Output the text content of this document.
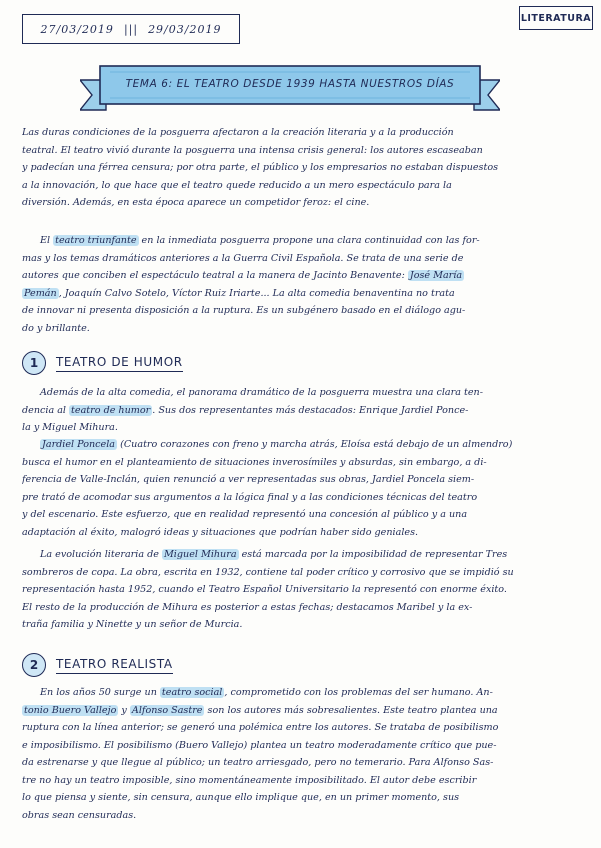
27/03/2019 ||| 29/03/2019
LITERATURA
TEMA 6: EL TEATRO DESDE 1939 HASTA NUESTROS DÍAS
Las duras condiciones de la posguerra afectaron a la creación literaria y a la producción
teatral. El teatro vivió durante la posguerra una intensa crisis general: los autores escaseaban
y padecían una férrea censura; por otra parte, el público y los empresarios no estaban dispuestos
a la innovación, lo que hace que el teatro quede reducido a un mero espectáculo para la
diversión. Además, en esta época aparece un competidor feroz: el cine.
El teatro triunfante en la inmediata posguerra propone una clara continuidad con las for-
mas y los temas dramáticos anteriores a la Guerra Civil Española. Se trata de una serie de
autores que conciben el espectáculo teatral a la manera de Jacinto Benavente: José María
Pemán , Joaquín Calvo Sotelo, Víctor Ruiz Iriarte... La alta comedia benaventina no trata
de innovar ni presenta disposición a la ruptura. Es un subgénero basado en el diálogo agu-
do y brillante.
1	TEATRO DE HUMOR
Además de la alta comedia, el panorama dramático de la posguerra muestra una clara ten-
dencia al teatro de humor . Sus dos representantes más destacados: Enrique Jardiel Ponce-
la y Miguel Mihura.
Jardiel Poncela (Cuatro corazones con freno y marcha atrás, Eloísa está debajo de un almendro)
busca el humor en el planteamiento de situaciones inverosímiles y absurdas, sin embargo, a di-
ferencia de Valle-Inclán, quien renunció a ver representadas sus obras, Jardiel Poncela siem-
pre trató de acomodar sus argumentos a la lógica final y a las condiciones técnicas del teatro
y del escenario. Este esfuerzo, que en realidad representó una concesión al público y a una
adaptación al éxito, malogró ideas y situaciones que podrían haber sido geniales.
La evolución literaria de Miguel Mihura está marcada por la imposibilidad de representar Tres
sombreros de copa. La obra, escrita en 1932, contiene tal poder crítico y corrosivo que se impidió su
representación hasta 1952, cuando el Teatro Español Universitario la representó con enorme éxito.
El resto de la producción de Mihura es posterior a estas fechas; destacamos Maribel y la ex-
traña familia y Ninette y un señor de Murcia.
2	TEATRO REALISTA
En los años 50 surge un teatro social , comprometido con los problemas del ser humano. An-
tonio Buero Vallejo y Alfonso Sastre son los autores más sobresalientes. Este teatro plantea una
ruptura con la línea anterior; se generó una polémica entre los autores. Se trataba de posibilismo
e imposibilismo. El posibilismo (Buero Vallejo) plantea un teatro moderadamente crítico que pue-
da estrenarse y que llegue al público; un teatro arriesgado, pero no temerario. Para Alfonso Sas-
tre no hay un teatro imposible, sino momentáneamente imposibilitado. El autor debe escribir
lo que piensa y siente, sin censura, aunque ello implique que, en un primer momento, sus
obras sean censuradas.
